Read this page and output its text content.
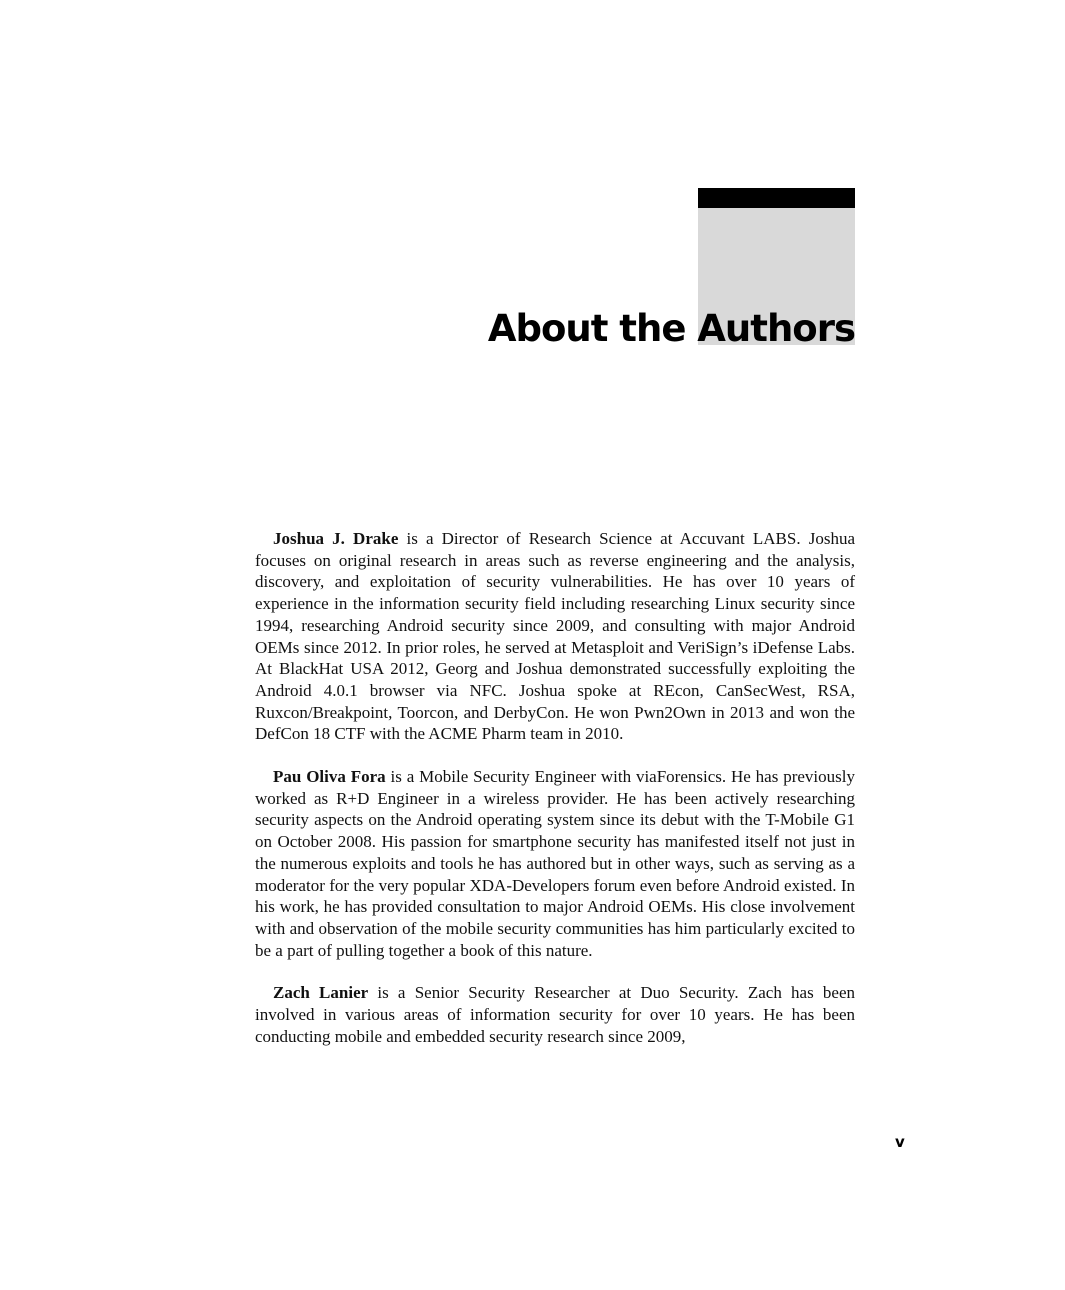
About the Authors

Joshua J. Drake is a Director of Research Science at Accuvant LABS. Joshua focuses on original research in areas such as reverse engineering and the analysis, discovery, and exploitation of security vulnerabilities. He has over 10 years of experience in the information security field including researching Linux security since 1994, researching Android security since 2009, and consulting with major Android OEMs since 2012. In prior roles, he served at Metasploit and VeriSign’s iDefense Labs. At BlackHat USA 2012, Georg and Joshua demonstrated successfully exploiting the Android 4.0.1 browser via NFC. Joshua spoke at REcon, CanSecWest, RSA, Ruxcon/Breakpoint, Toorcon, and DerbyCon. He won Pwn2Own in 2013 and won the DefCon 18 CTF with the ACME Pharm team in 2010.

Pau Oliva Fora is a Mobile Security Engineer with viaForensics. He has previously worked as R+D Engineer in a wireless provider. He has been actively researching security aspects on the Android operating system since its debut with the T-Mobile G1 on October 2008. His passion for smartphone security has manifested itself not just in the numerous exploits and tools he has authored but in other ways, such as serving as a moderator for the very popular XDA-Developers forum even before Android existed. In his work, he has provided consultation to major Android OEMs. His close involvement with and observation of the mobile security communities has him particularly excited to be a part of pulling together a book of this nature.

Zach Lanier is a Senior Security Researcher at Duo Security. Zach has been involved in various areas of information security for over 10 years. He has been conducting mobile and embedded security research since 2009,

v
